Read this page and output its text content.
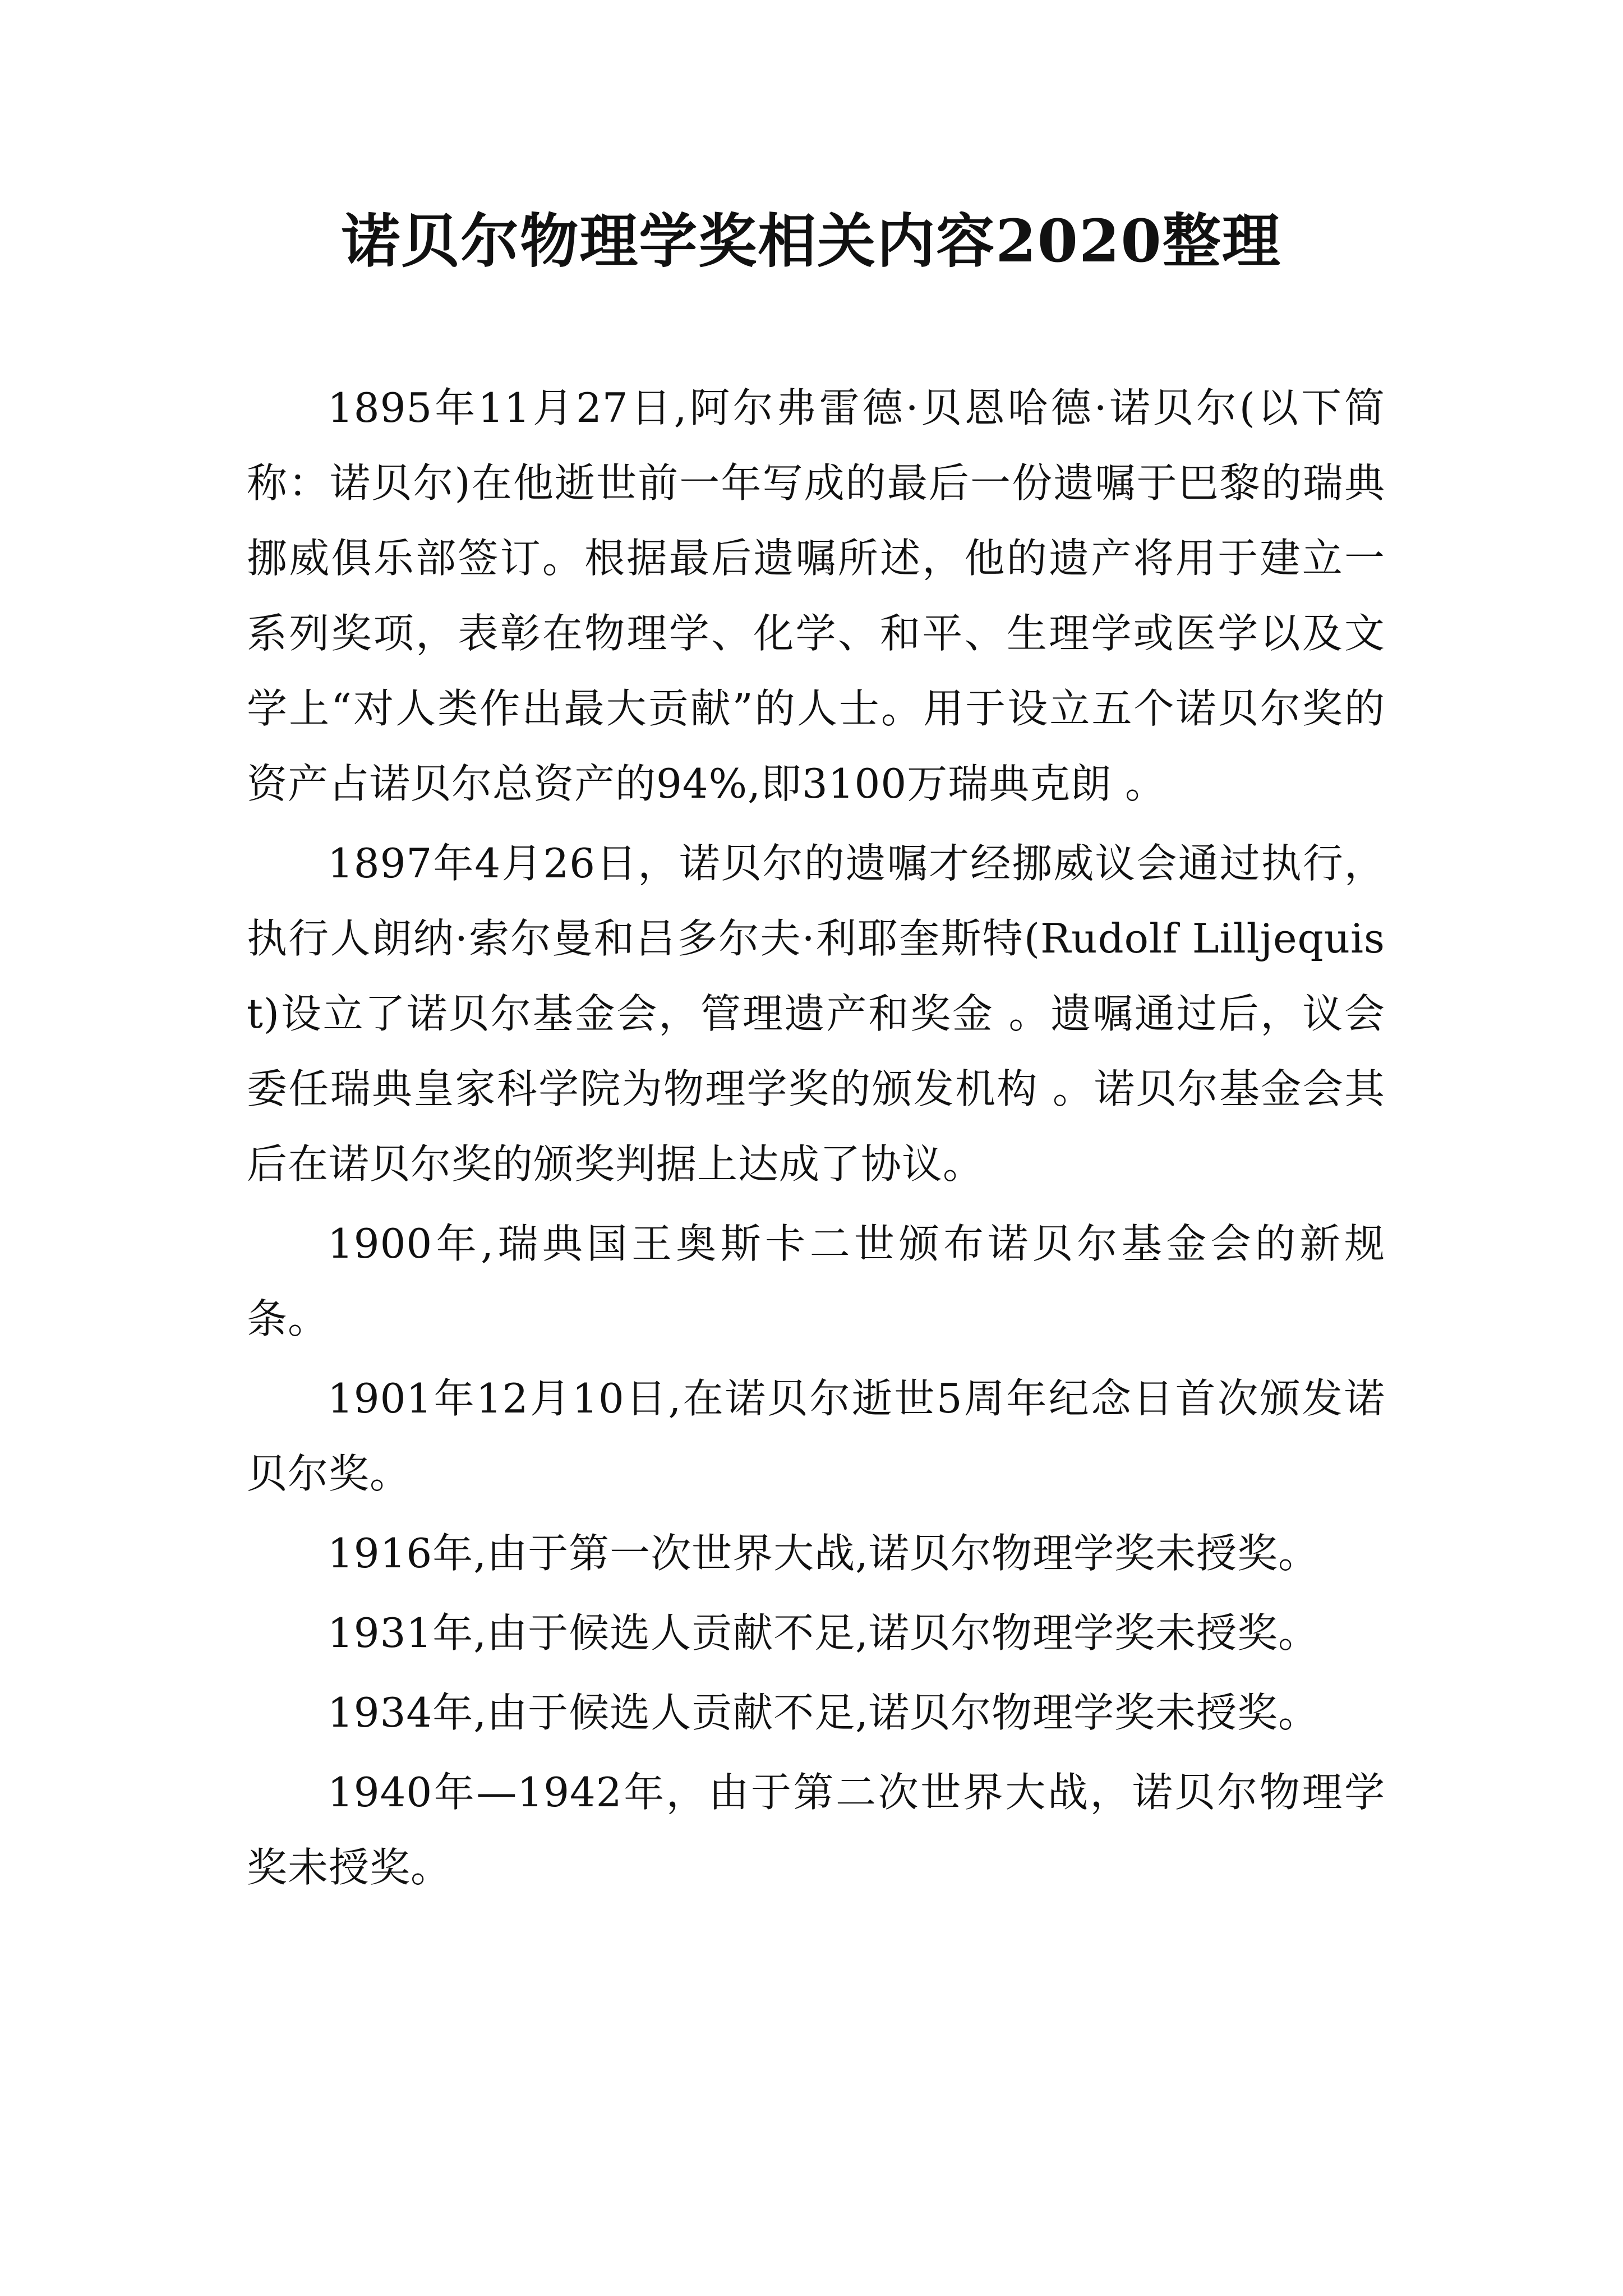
诺贝尔物理学奖相关内容2020整理

1895年11月27日,阿尔弗雷德·贝恩哈德·诺贝尔(以下简称：诺贝尔)在他逝世前一年写成的最后一份遗嘱于巴黎的瑞典挪威俱乐部签订。根据最后遗嘱所述，他的遗产将用于建立一系列奖项，表彰在物理学、化学、和平、生理学或医学以及文学上“对人类作出最大贡献”的人士。用于设立五个诺贝尔奖的资产占诺贝尔总资产的94%,即3100万瑞典克朗 。

1897年4月26日，诺贝尔的遗嘱才经挪威议会通过执行，执行人朗纳·索尔曼和吕多尔夫·利耶奎斯特(Rudolf Lilljequist)设立了诺贝尔基金会，管理遗产和奖金 。遗嘱通过后，议会委任瑞典皇家科学院为物理学奖的颁发机构 。诺贝尔基金会其后在诺贝尔奖的颁奖判据上达成了协议。

1900年,瑞典国王奥斯卡二世颁布诺贝尔基金会的新规条。

1901年12月10日,在诺贝尔逝世5周年纪念日首次颁发诺贝尔奖。

1916年,由于第一次世界大战,诺贝尔物理学奖未授奖。

1931年,由于候选人贡献不足,诺贝尔物理学奖未授奖。

1934年,由于候选人贡献不足,诺贝尔物理学奖未授奖。

1940年—1942年，由于第二次世界大战，诺贝尔物理学奖未授奖。
